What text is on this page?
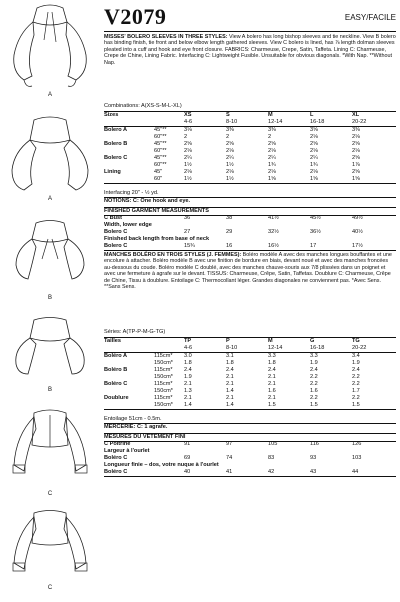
A
A
B
B
C
C
V2079	EASY/FACILE
MISSES' BOLERO SLEEVES IN THREE STYLES: View A bolero has long bishop sleeves and tie neckline. View B bolero has binding finish, tie front and below elbow length gathered sleeves. View C bolero is lined, has ⅞ length dolman sleeves pleated into a cuff and hook and eye front closure. FABRICS: Charmeuse, Crepe, Satin, Taffeta. Lining C: Charmeuse, Crepe de Chine, Lining Fabric. Interfacing C: Lightweight Fusible. Unsuitable for obvious diagonals. *With Nap. **Without Nap.
Combinations: A(XS-S-M-L-XL)
Sizes		XS	S	M	L	XL
		4-6	8-10	12-14	16-18	20-22
Bolero A	45"**	3⅛	3⅜	3⅜	3⅝	3⅜
	60"**	2	2	2	2⅛	2⅛
Bolero B	45"**	2⅝	2⅝	2⅝	2⅝	2⅝
	60"**	2⅛	2⅛	2⅛	2⅛	2⅛
Bolero C	45"**	2¼	2¼	2¼	2¼	2⅝
	60"**	1½	1½	1¾	1¾	1⅞
Lining	45"	2⅛	2⅛	2⅛	2⅛	2⅝
	60"	1½	1½	1⅝	1⅝	1⅝
Interfacing 20" - ½ yd.
NOTIONS: C: One hook and eye.
FINISHED GARMENT MEASUREMENTS
C Bust	36	38	41½	45½	49½
Width, lower edge					
Bolero C	27	29	32½	36½	40½
Finished back length from base of neck					
Bolero C	15¾	16	16½	17	17½
MANCHES BOLÉRO EN TROIS STYLES (J. FEMMES): Boléro modèle A avec des manches longues bouffantes et une encolure à attacher. Boléro modèle B avec une finition de bordure en biais, devant noué et avec des manches froncées au-dessous du coude. Boléro modèle C doublé, avec des manches chauve-souris aux 7/8 plissées dans un poignet et avec une fermeture à agrafe sur le devant. TISSUS: Charmeuse, Crêpe, Satin, Taffetas. Doublure C: Charmeuse, Crêpe de Chine, Tissu à doublure. Entoilage C: Thermocollant léger. Grandes diagonales ne conviennent pas. *Avec Sens. **Sans Sens.
Séries: A(TP-P-M-G-TG)
Tailles		TP	P	M	G	TG
		4-6	8-10	12-14	16-18	20-22
Boléro A	115cm*	3.0	3.1	3.3	3.3	3.4
	150cm*	1.8	1.8	1.8	1.9	1.9
Boléro B	115cm*	2.4	2.4	2.4	2.4	2.4
	150cm*	1.9	2.1	2.1	2.2	2.2
Boléro C	115cm*	2.1	2.1	2.1	2.2	2.2
	150cm*	1.3	1.4	1.6	1.6	1.7
Doublure	115cm*	2.1	2.1	2.1	2.2	2.2
	150cm*	1.4	1.4	1.5	1.5	1.5
Entoilage 51cm - 0.5m.
MERCERIE: C: 1 agrafe.
MESURES DU VÊTEMENT FINI
C Poitrine	91	97	105	116	126
Largeur à l'ourlet					
Boléro C	69	74	83	93	103
Longueur finie – dos, votre nuque à l'ourlet					
Boléro C	40	41	42	43	44
